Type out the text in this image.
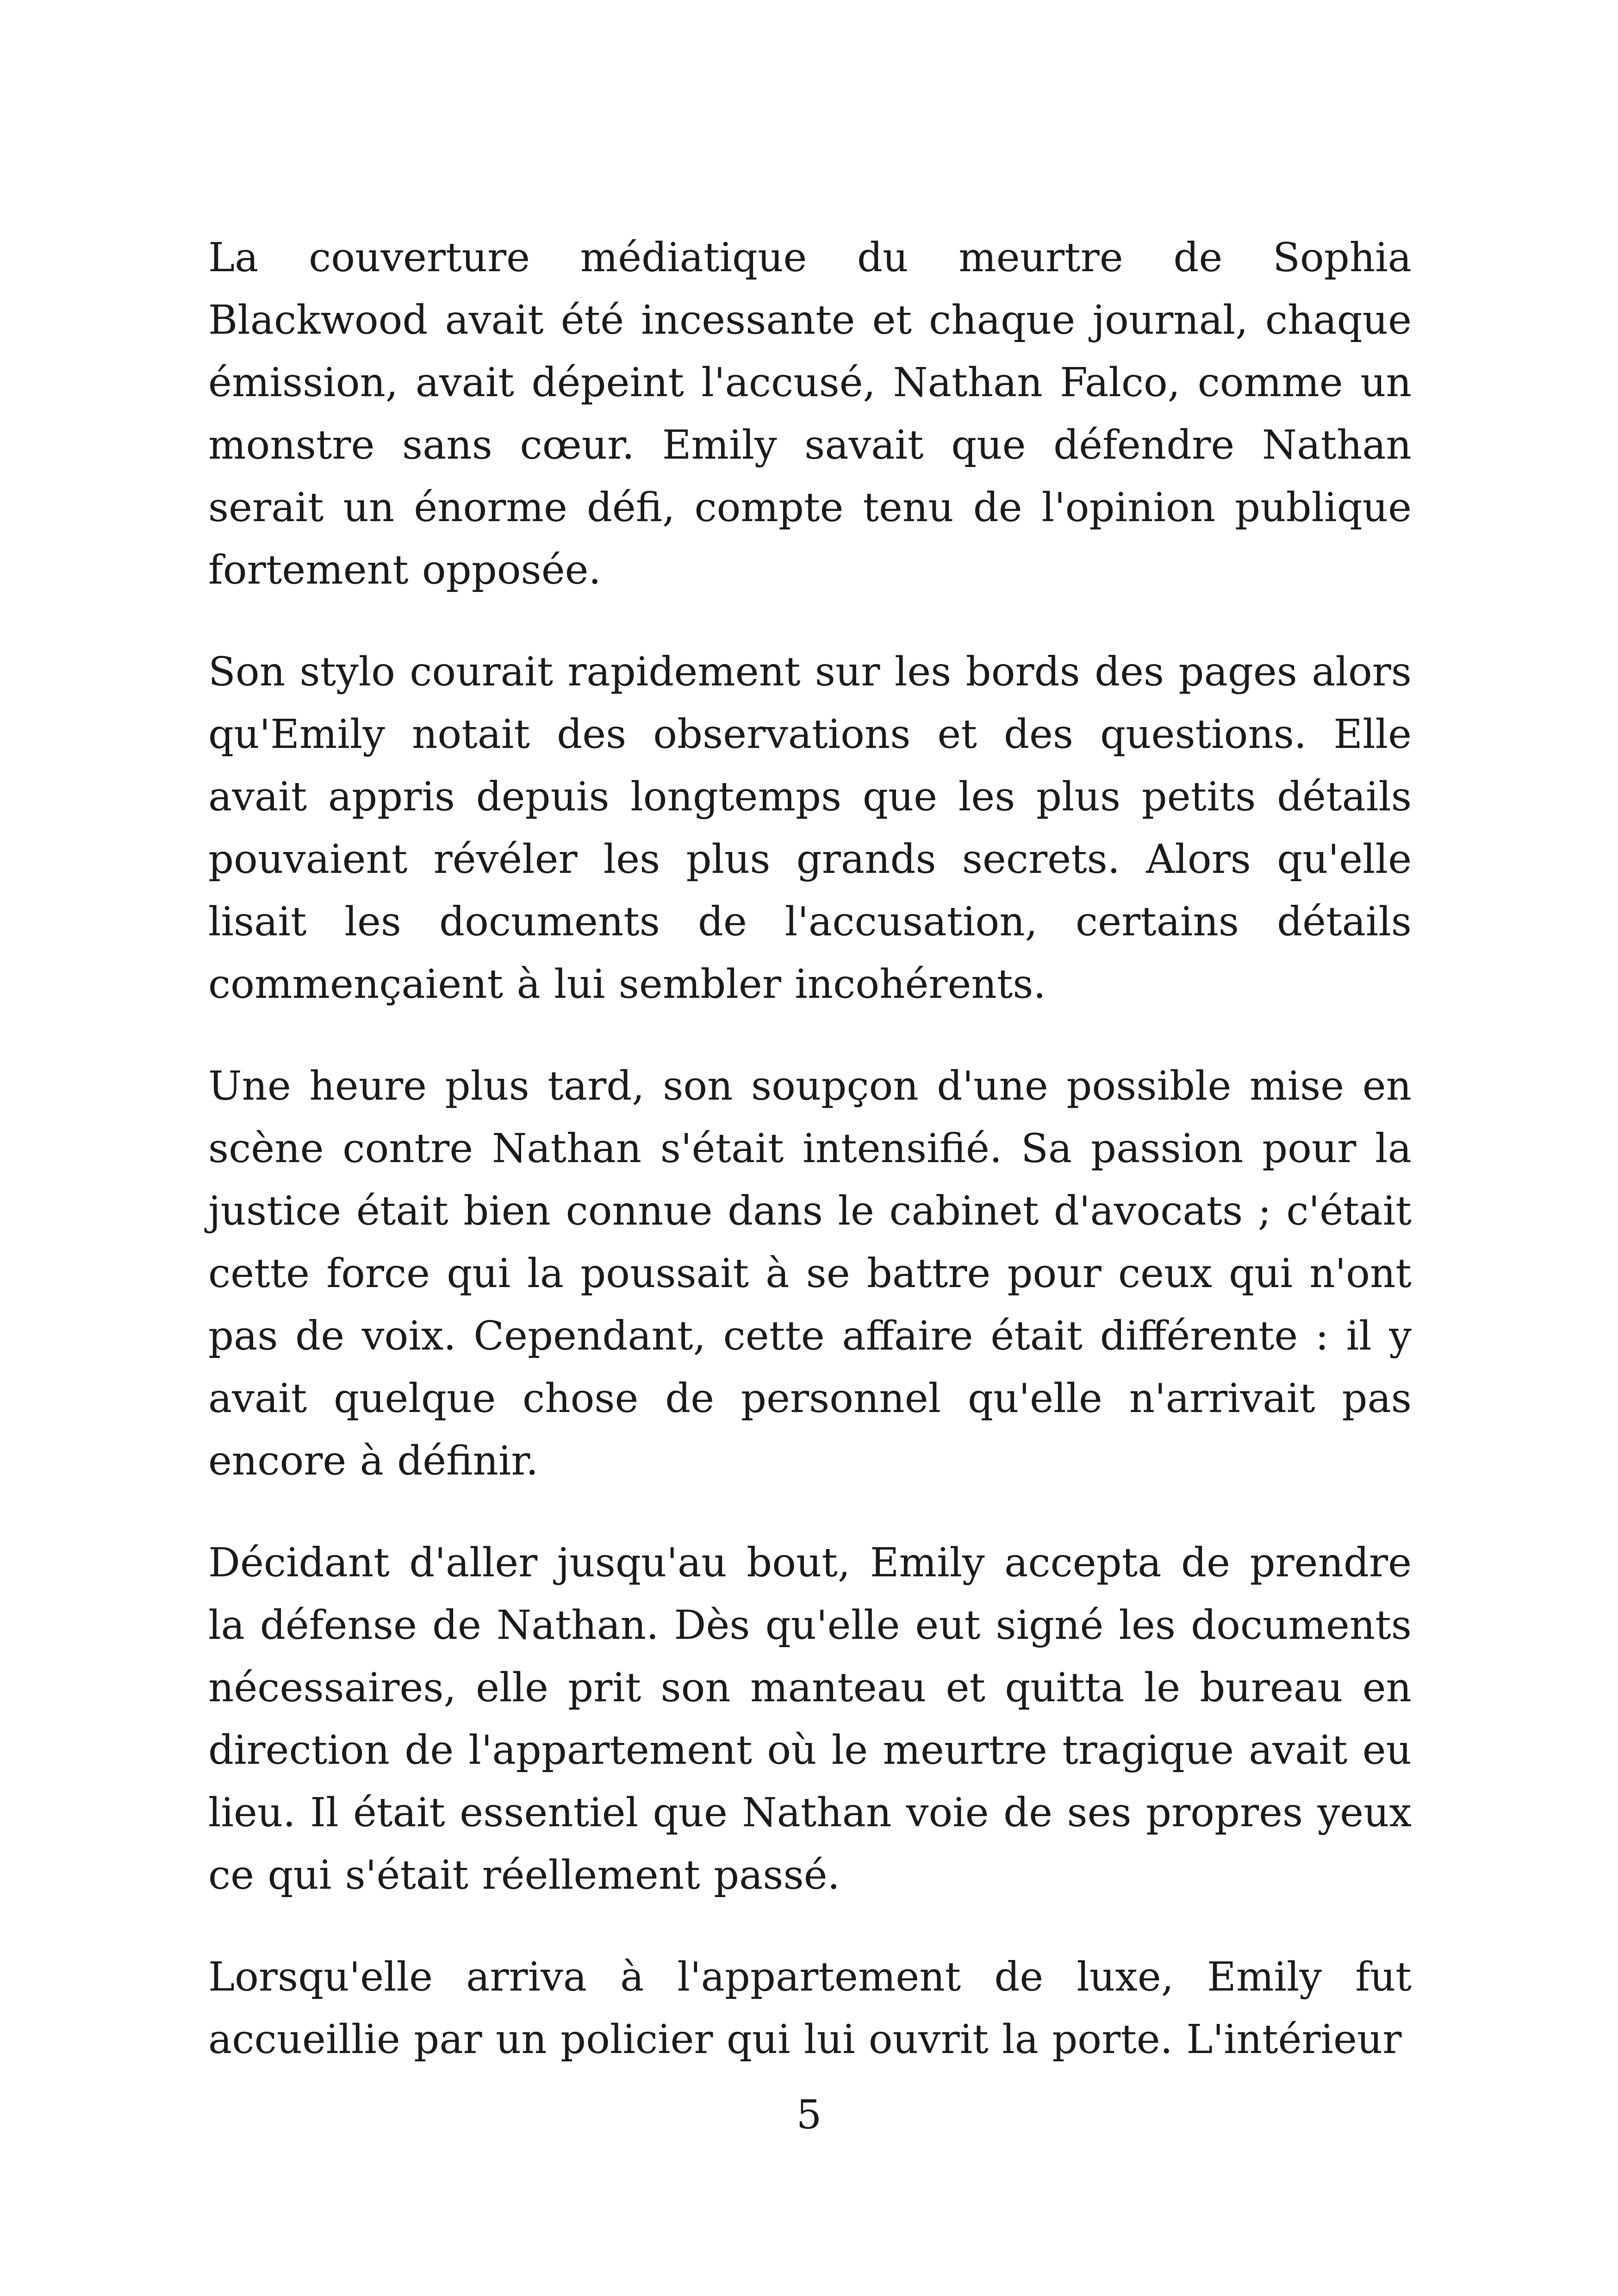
La couverture médiatique du meurtre de Sophia Blackwood avait été incessante et chaque journal, chaque émission, avait dépeint l'accusé, Nathan Falco, comme un monstre sans cœur. Emily savait que défendre Nathan serait un énorme défi, compte tenu de l'opinion publique fortement opposée.

Son stylo courait rapidement sur les bords des pages alors qu'Emily notait des observations et des questions. Elle avait appris depuis longtemps que les plus petits détails pouvaient révéler les plus grands secrets. Alors qu'elle lisait les documents de l'accusation, certains détails commençaient à lui sembler incohérents.

Une heure plus tard, son soupçon d'une possible mise en scène contre Nathan s'était intensifié. Sa passion pour la justice était bien connue dans le cabinet d'avocats ; c'était cette force qui la poussait à se battre pour ceux qui n'ont pas de voix. Cependant, cette affaire était différente : il y avait quelque chose de personnel qu'elle n'arrivait pas encore à définir.

Décidant d'aller jusqu'au bout, Emily accepta de prendre la défense de Nathan. Dès qu'elle eut signé les documents nécessaires, elle prit son manteau et quitta le bureau en direction de l'appartement où le meurtre tragique avait eu lieu. Il était essentiel que Nathan voie de ses propres yeux ce qui s'était réellement passé.

Lorsqu'elle arriva à l'appartement de luxe, Emily fut accueillie par un policier qui lui ouvrit la porte. L'intérieur

5
